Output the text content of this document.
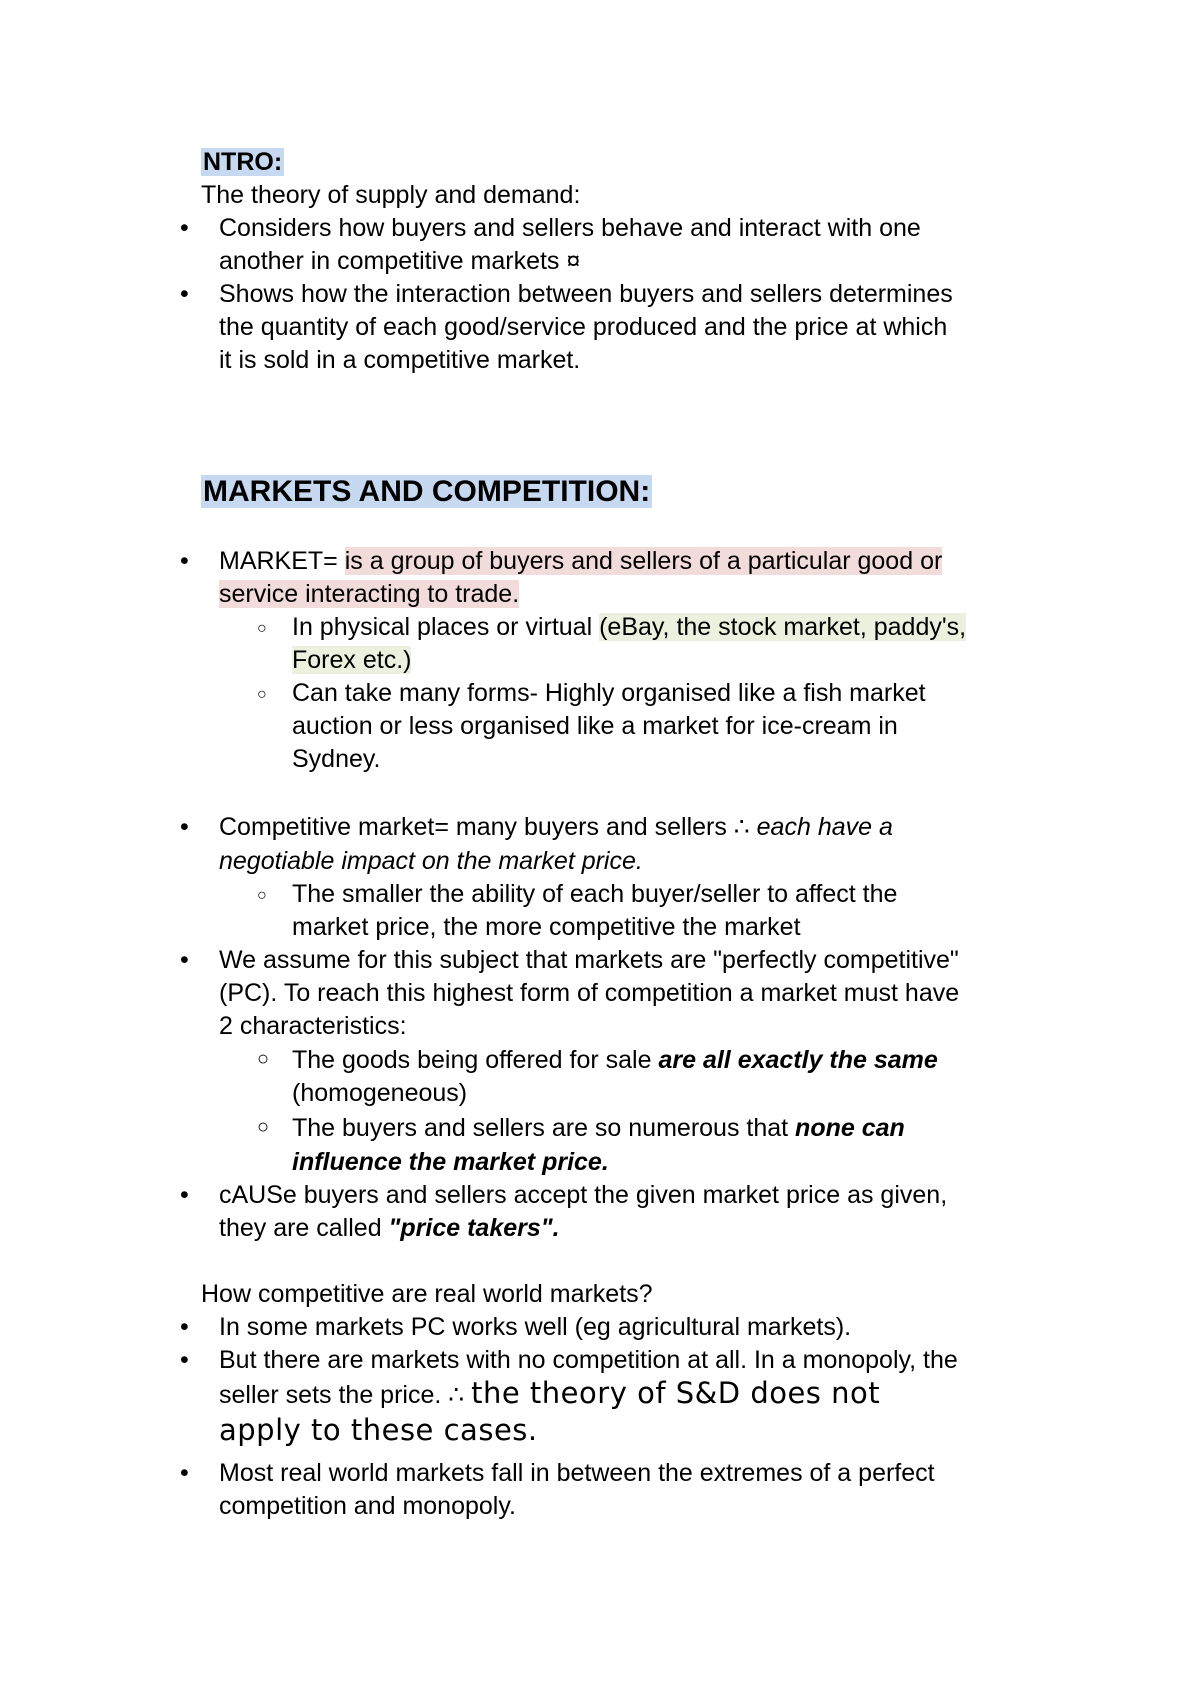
NTRO:
The theory of supply and demand:
•	Considers how buyers and sellers behave and interact with one
another in competitive markets ¤
•	Shows how the interaction between buyers and sellers determines
the quantity of each good/service produced and the price at which
it is sold in a competitive market.
MARKETS AND COMPETITION:
•	MARKET= is a group of buyers and sellers of a particular good or
service interacting to trade.
○ In physical places or virtual (eBay, the stock market, paddy's,
Forex etc.)
○ Can take many forms- Highly organised like a fish market
auction or less organised like a market for ice-cream in
Sydney.
•	Competitive market= many buyers and sellers ∴ each have a
negotiable impact on the market price.
○ The smaller the ability of each buyer/seller to affect the
market price, the more competitive the market
•	We assume for this subject that markets are "perfectly competitive"
(PC). To reach this highest form of competition a market must have
2 characteristics:
○ The goods being offered for sale are all exactly the same
(homogeneous)
○ The buyers and sellers are so numerous that none can
influence the market price.
•	cAUSe buyers and sellers accept the given market price as given,
they are called "price takers".
How competitive are real world markets?
•	In some markets PC works well (eg agricultural markets).
•	But there are markets with no competition at all. In a monopoly, the
seller sets the price. ∴ the theory of S&D does not
apply to these cases.
•	Most real world markets fall in between the extremes of a perfect
competition and monopoly.
